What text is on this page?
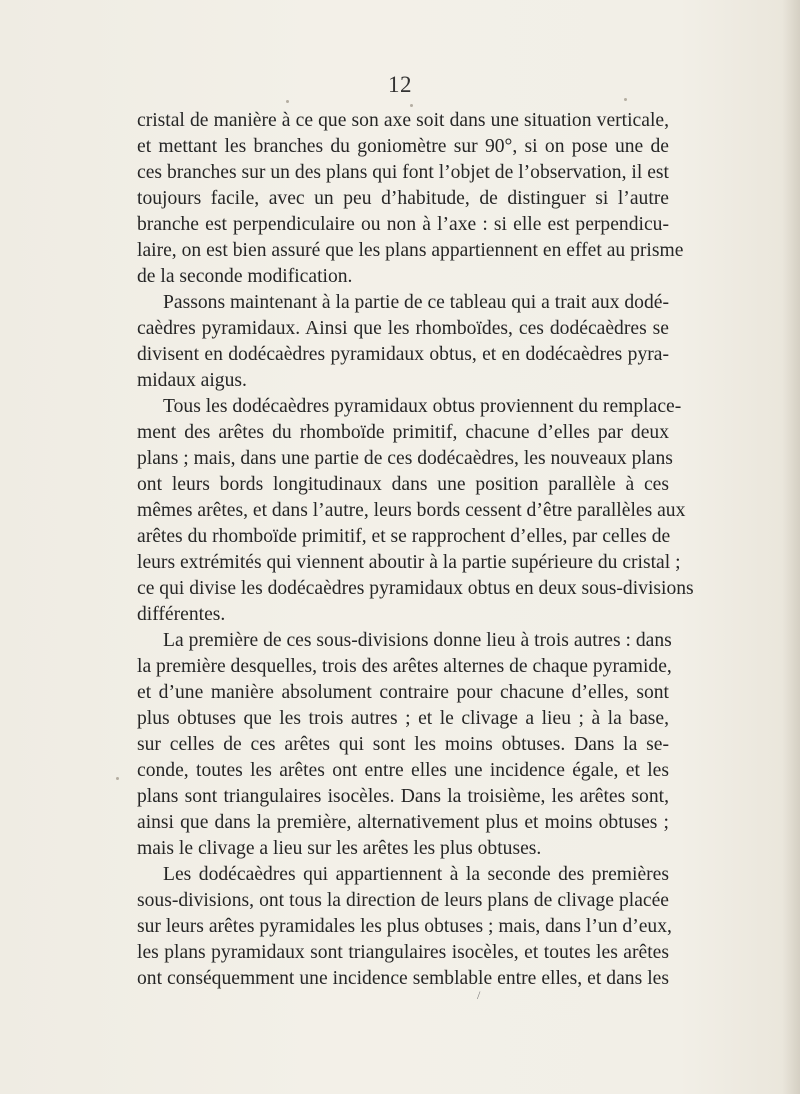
12
cristal de manière à ce que son axe soit dans une situation verticale,
et mettant les branches du goniomètre sur 90°, si on pose une de
ces branches sur un des plans qui font l’objet de l’observation, il est
toujours facile, avec un peu d’habitude, de distinguer si l’autre
branche est perpendiculaire ou non à l’axe : si elle est perpendicu-
laire, on est bien assuré que les plans appartiennent en effet au prisme
de la seconde modification.
Passons maintenant à la partie de ce tableau qui a trait aux dodé-
caèdres pyramidaux. Ainsi que les rhomboïdes, ces dodécaèdres se
divisent en dodécaèdres pyramidaux obtus, et en dodécaèdres pyra-
midaux aigus.
Tous les dodécaèdres pyramidaux obtus proviennent du remplace-
ment des arêtes du rhomboïde primitif, chacune d’elles par deux
plans ; mais, dans une partie de ces dodécaèdres, les nouveaux plans
ont leurs bords longitudinaux dans une position parallèle à ces
mêmes arêtes, et dans l’autre, leurs bords cessent d’être parallèles aux
arêtes du rhomboïde primitif, et se rapprochent d’elles, par celles de
leurs extrémités qui viennent aboutir à la partie supérieure du cristal ;
ce qui divise les dodécaèdres pyramidaux obtus en deux sous-divisions
différentes.
La première de ces sous-divisions donne lieu à trois autres : dans
la première desquelles, trois des arêtes alternes de chaque pyramide,
et d’une manière absolument contraire pour chacune d’elles, sont
plus obtuses que les trois autres ; et le clivage a lieu ; à la base,
sur celles de ces arêtes qui sont les moins obtuses. Dans la se-
conde, toutes les arêtes ont entre elles une incidence égale, et les
plans sont triangulaires isocèles. Dans la troisième, les arêtes sont,
ainsi que dans la première, alternativement plus et moins obtuses ;
mais le clivage a lieu sur les arêtes les plus obtuses.
Les dodécaèdres qui appartiennent à la seconde des premières
sous-divisions, ont tous la direction de leurs plans de clivage placée
sur leurs arêtes pyramidales les plus obtuses ; mais, dans l’un d’eux,
les plans pyramidaux sont triangulaires isocèles, et toutes les arêtes
ont conséquemment une incidence semblable entre elles, et dans les
/
